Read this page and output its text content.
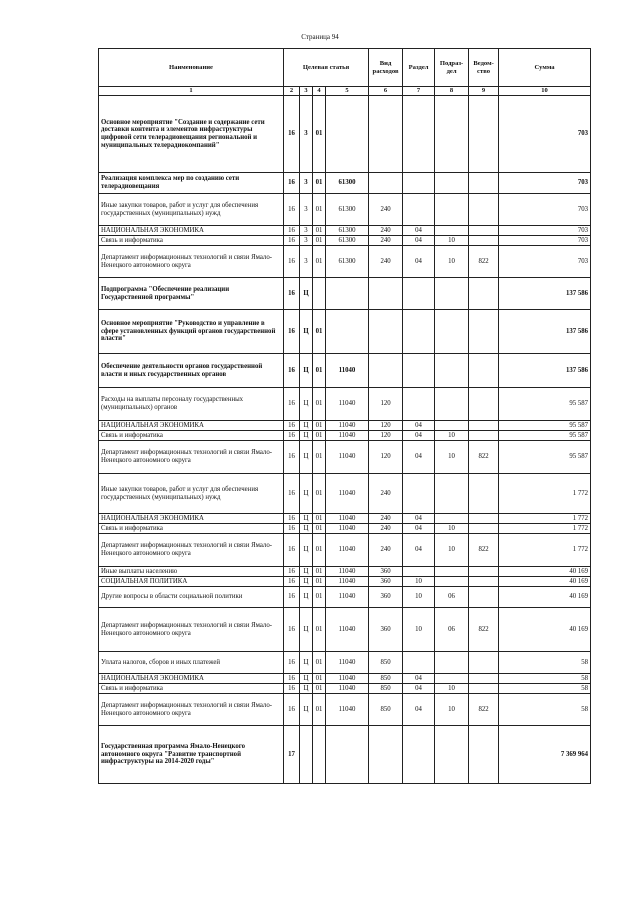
Страница 94
Наименование	Целевая статья				Вид расходов	Раздел	Подраз-дел	Ведом-ство	Сумма
1	2	3	4	5	6	7	8	9	10
Основное мероприятие "Создание и содержание сети доставки контента и элементов инфраструктуры цифровой сети телерадиовещания региональной и муниципальных телерадиокомпаний"	16	3	01						703
Реализация комплекса мер по созданию сети телерадиовещания	16	3	01	61300					703
Иные закупки товаров, работ и услуг для обеспечения государственных (муниципальных) нужд	16	3	01	61300	240				703
НАЦИОНАЛЬНАЯ ЭКОНОМИКА	16	3	01	61300	240	04			703
Связь и информатика	16	3	01	61300	240	04	10		703
Департамент информационных технологий и связи Ямало-Ненецкого автономного округа	16	3	01	61300	240	04	10	822	703
Подпрограмма "Обеспечение реализации Государственной программы"	16	Ц							137 586
Основное мероприятие "Руководство и управление в сфере установленных функций органов государственной власти"	16	Ц	01						137 586
Обеспечение деятельности органов государственной власти и иных государственных органов	16	Ц	01	11040					137 586
Расходы на выплаты персоналу государственных (муниципальных) органов	16	Ц	01	11040	120				95 587
НАЦИОНАЛЬНАЯ ЭКОНОМИКА	16	Ц	01	11040	120	04			95 587
Связь и информатика	16	Ц	01	11040	120	04	10		95 587
Департамент информационных технологий и связи Ямало-Ненецкого автономного округа	16	Ц	01	11040	120	04	10	822	95 587
Иные закупки товаров, работ и услуг для обеспечения государственных (муниципальных) нужд	16	Ц	01	11040	240				1 772
НАЦИОНАЛЬНАЯ ЭКОНОМИКА	16	Ц	01	11040	240	04			1 772
Связь и информатика	16	Ц	01	11040	240	04	10		1 772
Департамент информационных технологий и связи Ямало-Ненецкого автономного округа	16	Ц	01	11040	240	04	10	822	1 772
Иные выплаты населению	16	Ц	01	11040	360				40 169
СОЦИАЛЬНАЯ ПОЛИТИКА	16	Ц	01	11040	360	10			40 169
Другие вопросы в области социальной политики	16	Ц	01	11040	360	10	06		40 169
Департамент информационных технологий и связи Ямало-Ненецкого автономного округа	16	Ц	01	11040	360	10	06	822	40 169
Уплата налогов, сборов и иных платежей	16	Ц	01	11040	850				58
НАЦИОНАЛЬНАЯ ЭКОНОМИКА	16	Ц	01	11040	850	04			58
Связь и информатика	16	Ц	01	11040	850	04	10		58
Департамент информационных технологий и связи Ямало-Ненецкого автономного округа	16	Ц	01	11040	850	04	10	822	58
Государственная программа Ямало-Ненецкого автономного округа "Развитие транспортной инфраструктуры на 2014-2020 годы"	17								7 369 964
